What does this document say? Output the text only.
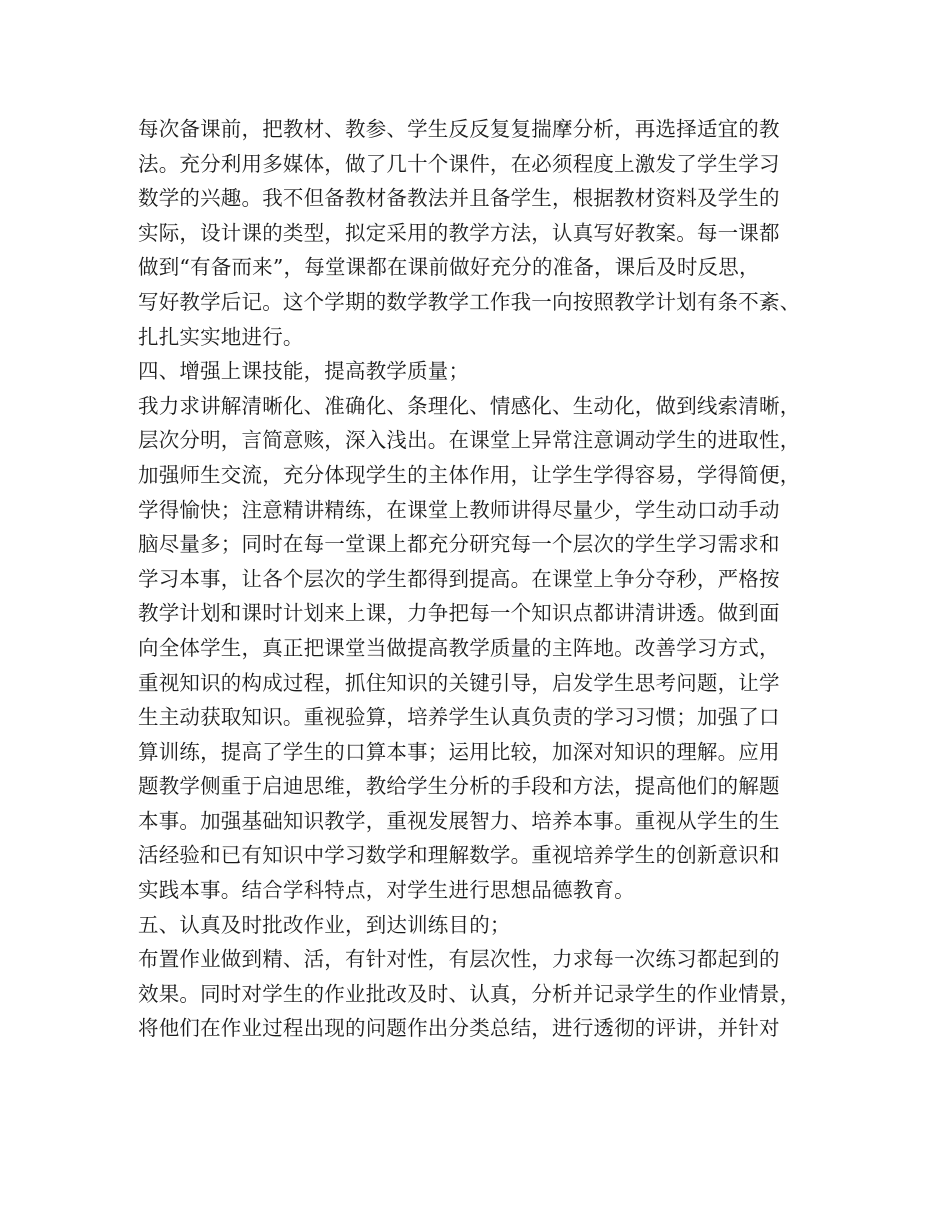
每次备课前，把教材、教参、学生反反复复揣摩分析，再选择适宜的教
法。充分利用多媒体，做了几十个课件，在必须程度上激发了学生学习
数学的兴趣。我不但备教材备教法并且备学生，根据教材资料及学生的
实际，设计课的类型，拟定采用的教学方法，认真写好教案。每一课都
做到“有备而来”，每堂课都在课前做好充分的准备，课后及时反思，
写好教学后记。这个学期的数学教学工作我一向按照教学计划有条不紊、
扎扎实实地进行。
四、增强上课技能，提高教学质量；
我力求讲解清晰化、准确化、条理化、情感化、生动化，做到线索清晰，
层次分明，言简意赅，深入浅出。在课堂上异常注意调动学生的进取性，
加强师生交流，充分体现学生的主体作用，让学生学得容易，学得简便，
学得愉快；注意精讲精练，在课堂上教师讲得尽量少，学生动口动手动
脑尽量多；同时在每一堂课上都充分研究每一个层次的学生学习需求和
学习本事，让各个层次的学生都得到提高。在课堂上争分夺秒，严格按
教学计划和课时计划来上课，力争把每一个知识点都讲清讲透。做到面
向全体学生，真正把课堂当做提高教学质量的主阵地。改善学习方式，
重视知识的构成过程，抓住知识的关键引导，启发学生思考问题，让学
生主动获取知识。重视验算，培养学生认真负责的学习习惯；加强了口
算训练，提高了学生的口算本事；运用比较，加深对知识的理解。应用
题教学侧重于启迪思维，教给学生分析的手段和方法，提高他们的解题
本事。加强基础知识教学，重视发展智力、培养本事。重视从学生的生
活经验和已有知识中学习数学和理解数学。重视培养学生的创新意识和
实践本事。结合学科特点，对学生进行思想品德教育。
五、认真及时批改作业，到达训练目的；
布置作业做到精、活，有针对性，有层次性，力求每一次练习都起到的
效果。同时对学生的作业批改及时、认真，分析并记录学生的作业情景，
将他们在作业过程出现的问题作出分类总结，进行透彻的评讲，并针对
